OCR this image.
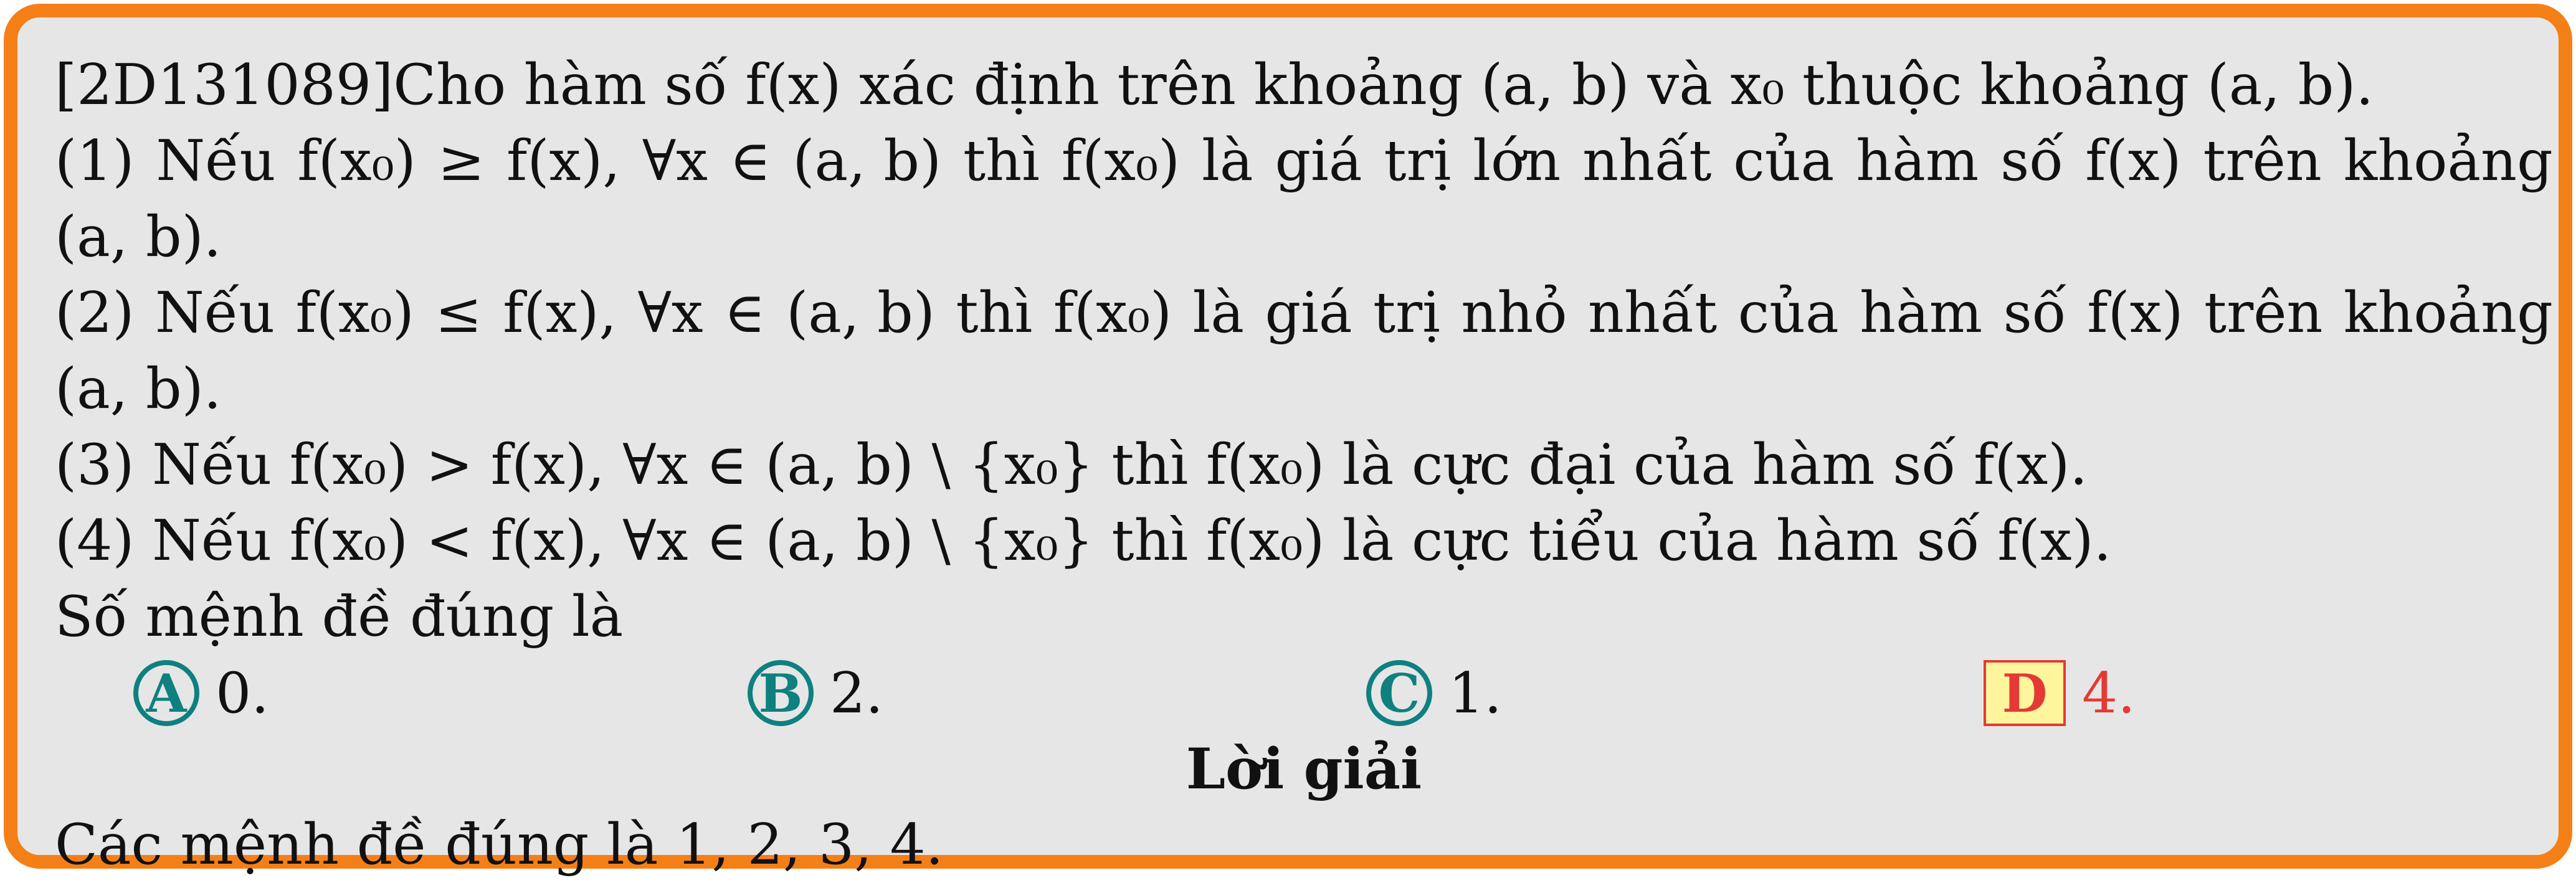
[2D131089]Cho hàm số f(x) xác định trên khoảng (a, b) và x₀ thuộc khoảng (a, b).
(1) Nếu f(x₀) ≥ f(x), ∀x ∈ (a, b) thì f(x₀) là giá trị lớn nhất của hàm số f(x) trên khoảng
(a, b).
(2) Nếu f(x₀) ≤ f(x), ∀x ∈ (a, b) thì f(x₀) là giá trị nhỏ nhất của hàm số f(x) trên khoảng
(a, b).
(3) Nếu f(x₀) > f(x), ∀x ∈ (a, b) \ {x₀} thì f(x₀) là cực đại của hàm số f(x).
(4) Nếu f(x₀) < f(x), ∀x ∈ (a, b) \ {x₀} thì f(x₀) là cực tiểu của hàm số f(x).
Số mệnh đề đúng là
A 0.	B 2.	C 1.	D 4.
Lời giải
Các mệnh đề đúng là 1, 2, 3, 4.
